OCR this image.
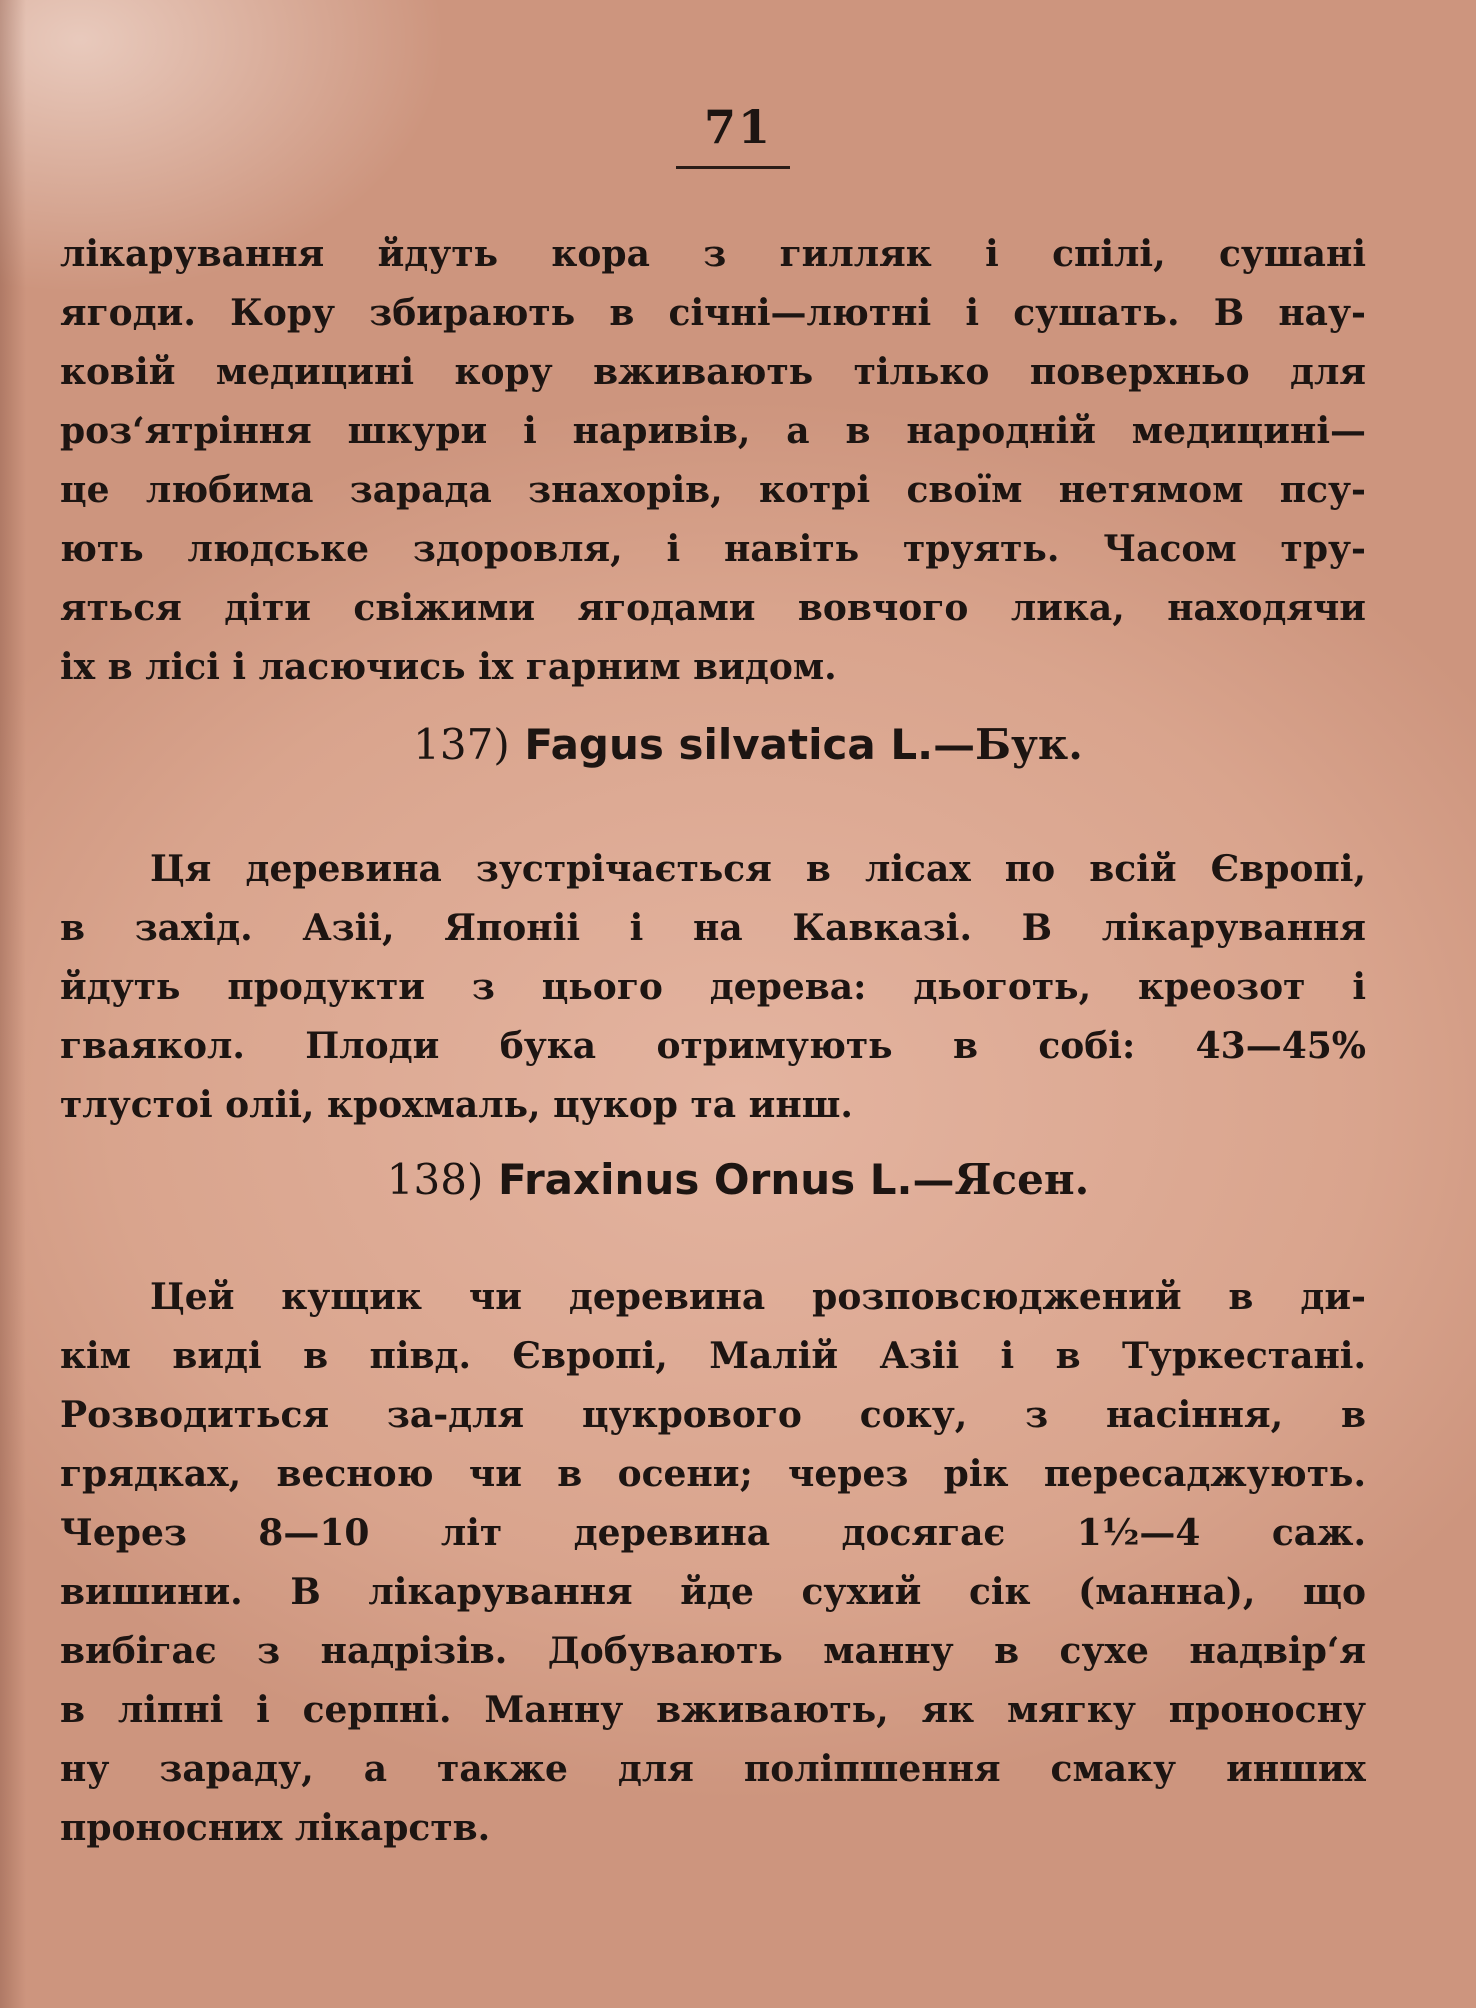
71
лікарування йдуть кора з гилляк і спілі, сушані
ягоди. Кору збирають в січні—лютні і сушать. В нау-
ковій медицині кору вживають тілько поверхньо для
роз‘ятріння шкури і наривів, а в народній медицині—
це любима зарада знахорів, котрі своїм нетямом псу-
ють людське здоровля, і навіть труять. Часом тру-
яться діти свіжими ягодами вовчого лика, находячи
іх в лісі і ласючись іх гарним видом.
137) Fagus silvatica L.—Бук.
Ця деревина зустрічається в лісах по всій Європі,
в захід. Азіі, Японіі і на Кавказі. В лікарування
йдуть продукти з цього дерева: дьоготь, креозот і
гваякол. Плоди бука отримують в собі: 43—45%
тлустоі оліі, крохмаль, цукор та инш.
138) Fraxinus Ornus L.—Ясен.
Цей кущик чи деревина розповсюджений в ди-
кім виді в півд. Європі, Малій Азіі і в Туркестані.
Розводиться за-для цукрового соку, з насіння, в
грядках, весною чи в осени; через рік пересаджують.
Через 8—10 літ деревина досягає 1½—4 саж.
вишини. В лікарування йде сухий сік (манна), що
вибігає з надрізів. Добувають манну в сухе надвір‘я
в ліпні і серпні. Манну вживають, як мягку проносну
ну зараду, а также для поліпшення смаку инших
проносних лікарств.
